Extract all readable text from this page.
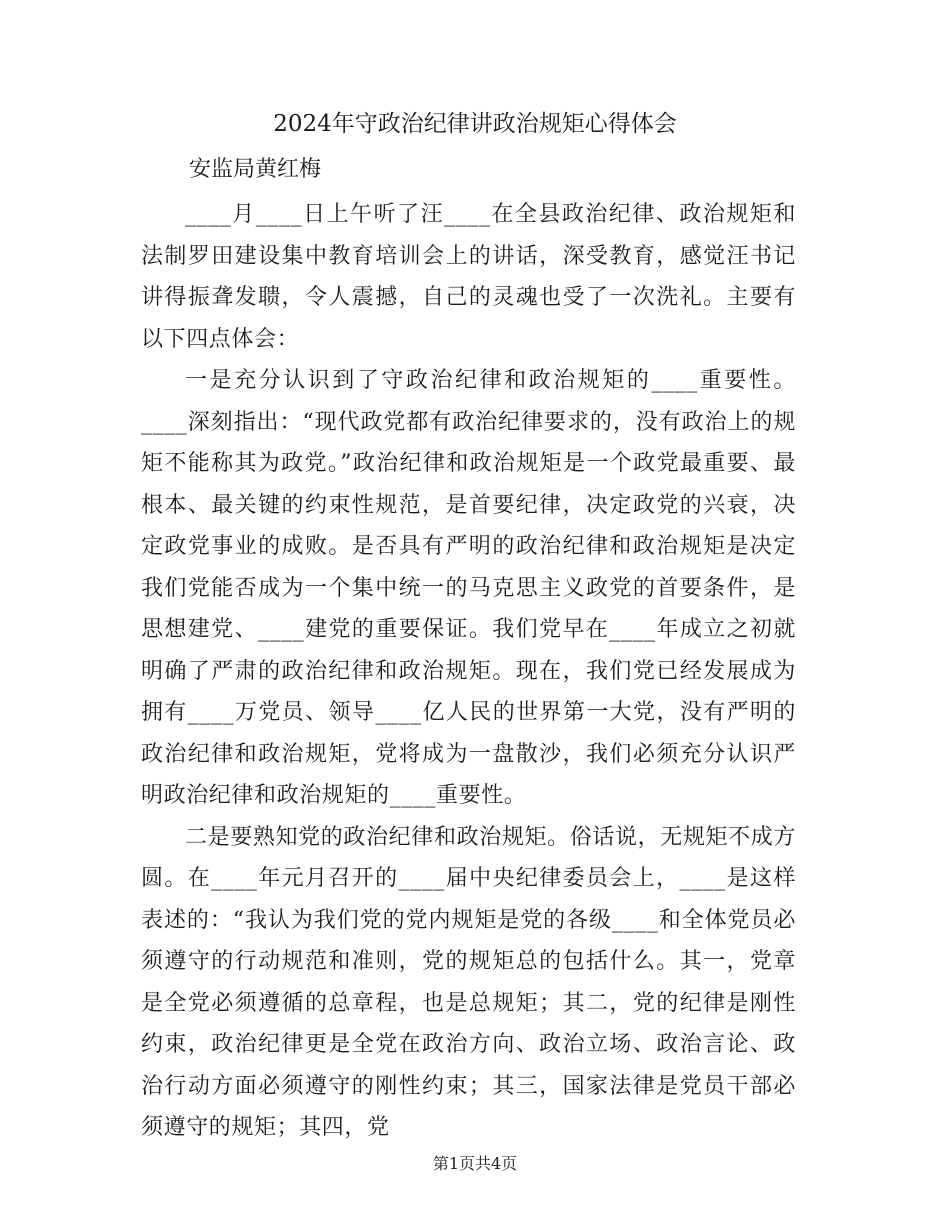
2024年守政治纪律讲政治规矩心得体会
安监局黄红梅

____月____日上午听了汪____在全县政治纪律、政治规矩和法制罗田建设集中教育培训会上的讲话，深受教育，感觉汪书记讲得振聋发聩，令人震撼，自己的灵魂也受了一次洗礼。主要有以下四点体会：

一是充分认识到了守政治纪律和政治规矩的____重要性。____深刻指出：“现代政党都有政治纪律要求的，没有政治上的规矩不能称其为政党。”政治纪律和政治规矩是一个政党最重要、最根本、最关键的约束性规范，是首要纪律，决定政党的兴衰，决定政党事业的成败。是否具有严明的政治纪律和政治规矩是决定我们党能否成为一个集中统一的马克思主义政党的首要条件，是思想建党、____建党的重要保证。我们党早在____年成立之初就明确了严肃的政治纪律和政治规矩。现在，我们党已经发展成为拥有____万党员、领导____亿人民的世界第一大党，没有严明的政治纪律和政治规矩，党将成为一盘散沙，我们必须充分认识严明政治纪律和政治规矩的____重要性。

二是要熟知党的政治纪律和政治规矩。俗话说，无规矩不成方圆。在____年元月召开的____届中央纪律委员会上，____是这样表述的：“我认为我们党的党内规矩是党的各级____和全体党员必须遵守的行动规范和准则，党的规矩总的包括什么。其一，党章是全党必须遵循的总章程，也是总规矩；其二，党的纪律是刚性约束，政治纪律更是全党在政治方向、政治立场、政治言论、政治行动方面必须遵守的刚性约束；其三，国家法律是党员干部必须遵守的规矩；其四，党

第1页共4页
